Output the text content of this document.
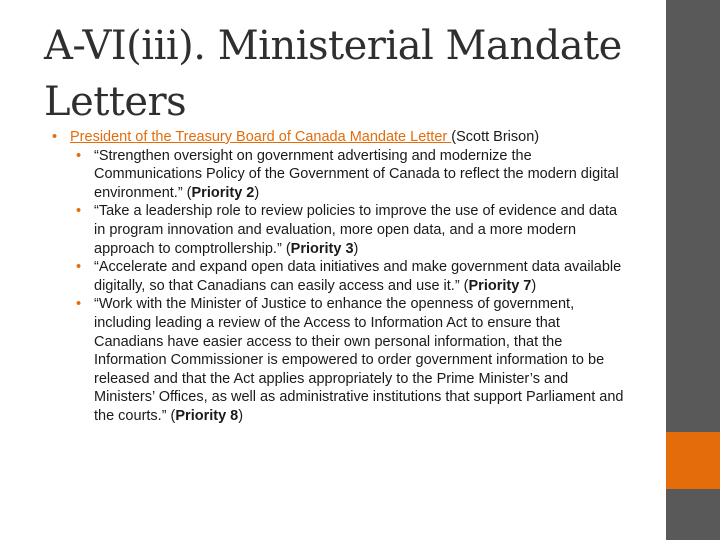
A-VI(iii). Ministerial Mandate Letters
• President of the Treasury Board of Canada Mandate Letter (Scott Brison)
• “Strengthen oversight on government advertising and modernize the Communications Policy of the Government of Canada to reflect the modern digital environment.” (Priority 2)
• “Take a leadership role to review policies to improve the use of evidence and data in program innovation and evaluation, more open data, and a more modern approach to comptrollership.” (Priority 3)
• “Accelerate and expand open data initiatives and make government data available digitally, so that Canadians can easily access and use it.” (Priority 7)
• “Work with the Minister of Justice to enhance the openness of government, including leading a review of the Access to Information Act to ensure that Canadians have easier access to their own personal information, that the Information Commissioner is empowered to order government information to be released and that the Act applies appropriately to the Prime Minister’s and Ministers’ Offices, as well as administrative institutions that support Parliament and the courts.” (Priority 8)
